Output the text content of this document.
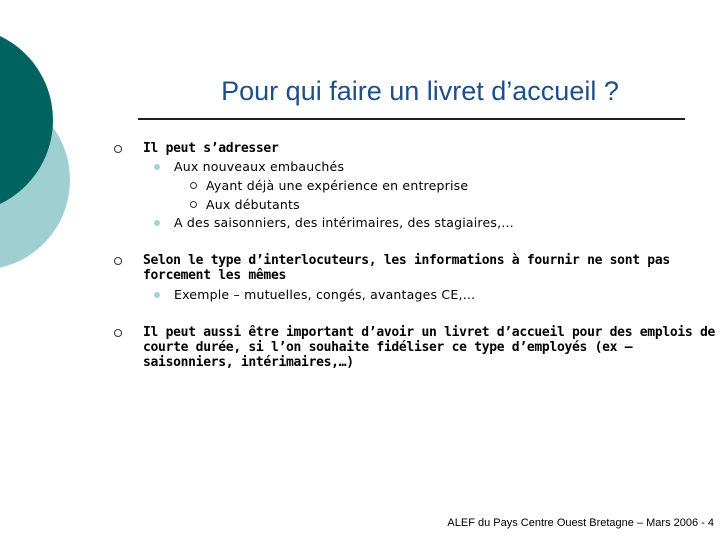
Pour qui faire un livret d’accueil ?
Il peut s’adresser
Aux nouveaux embauchés
Ayant déjà une expérience en entreprise
Aux débutants
A des saisonniers, des intérimaires, des stagiaires,…
Selon le type d’interlocuteurs, les informations à fournir ne sont pas forcement les mêmes
Exemple – mutuelles, congés, avantages CE,…
Il peut aussi être important d’avoir un livret d’accueil pour des emplois de courte durée, si l’on souhaite fidéliser ce type d’employés (ex – saisonniers, intérimaires,…)
ALEF du Pays Centre Ouest Bretagne – Mars 2006 - 4
